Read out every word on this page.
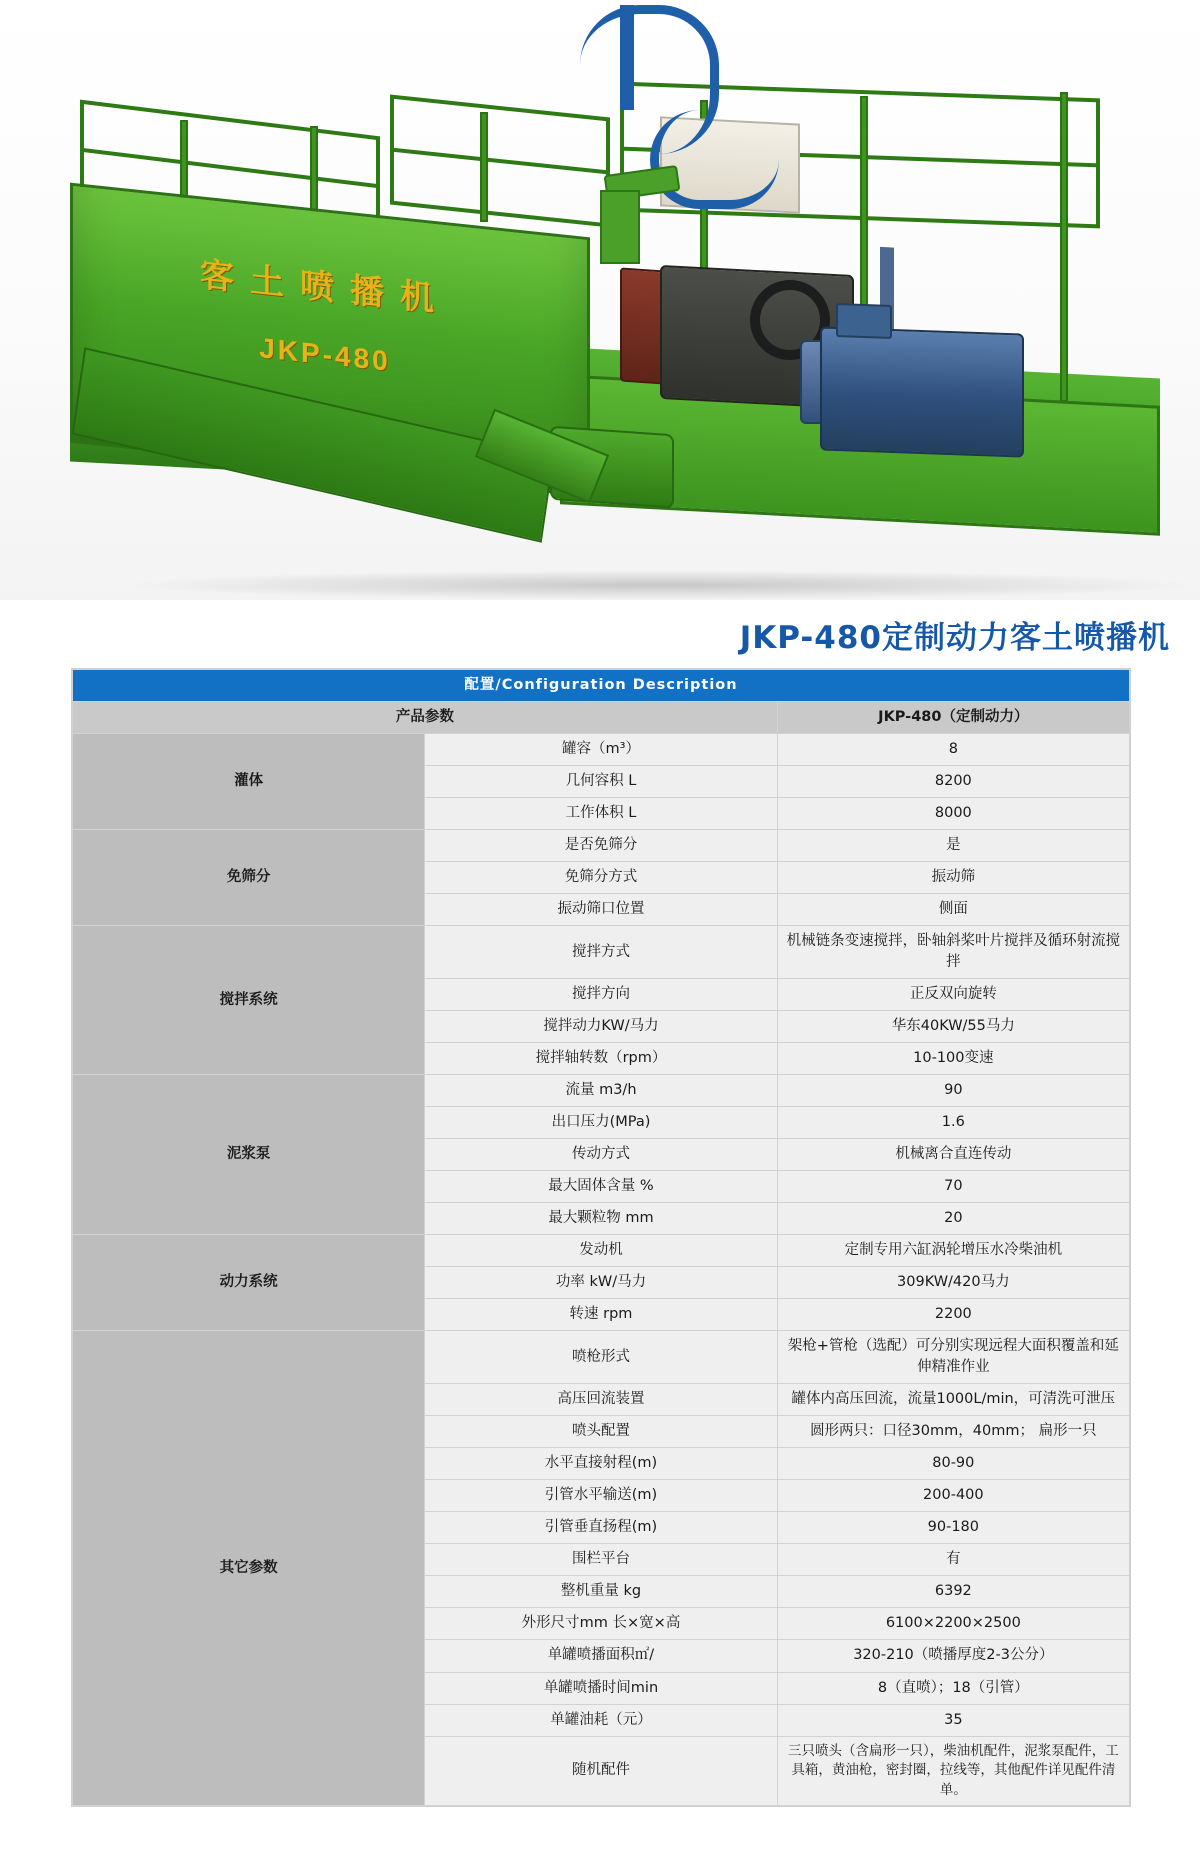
客土喷播机
JKP-480
JKP-480定制动力客土喷播机
配置/Configuration Description		
产品参数		JKP-480（定制动力）
灌体	罐容（m³）	8
	几何容积 L	8200
	工作体积 L	8000
免筛分	是否免筛分	是
	免筛分方式	振动筛
	振动筛口位置	侧面
搅拌系统	搅拌方式	机械链条变速搅拌，卧轴斜桨叶片搅拌及循环射流搅拌
	搅拌方向	正反双向旋转
	搅拌动力KW/马力	华东40KW/55马力
	搅拌轴转数（rpm）	10-100变速
泥浆泵	流量 m3/h	90
	出口压力(MPa)	1.6
	传动方式	机械离合直连传动
	最大固体含量 %	70
	最大颗粒物 mm	20
动力系统	发动机	定制专用六缸涡轮增压水冷柴油机
	功率 kW/马力	309KW/420马力
	转速 rpm	2200
其它参数	喷枪形式	架枪+管枪（选配）可分别实现远程大面积覆盖和延伸精准作业
	高压回流装置	罐体内高压回流，流量1000L/min，可清洗可泄压
	喷头配置	圆形两只：口径30mm，40mm； 扁形一只
	水平直接射程(m)	80-90
	引管水平输送(m)	200-400
	引管垂直扬程(m)	90-180
	围栏平台	有
	整机重量 kg	6392
	外形尺寸mm 长×宽×高	6100×2200×2500
	单罐喷播面积㎡/	320-210（喷播厚度2-3公分）
	单罐喷播时间min	8（直喷）；18（引管）
	单罐油耗（元）	35
	随机配件	三只喷头（含扁形一只），柴油机配件，泥浆泵配件，工具箱，黄油枪，密封圈，拉线等，其他配件详见配件清单。
